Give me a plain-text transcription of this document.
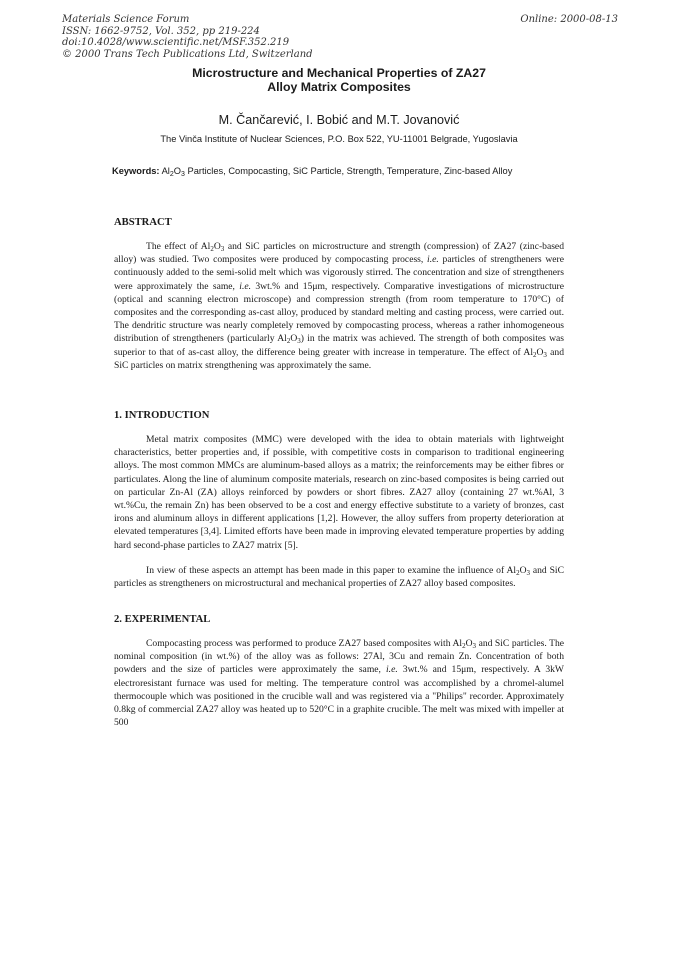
Materials Science Forum
ISSN: 1662-9752, Vol. 352, pp 219-224
doi:10.4028/www.scientific.net/MSF.352.219
© 2000 Trans Tech Publications Ltd, Switzerland
Online: 2000-08-13
Microstructure and Mechanical Properties of ZA27
Alloy Matrix Composites
M. Čančarević, I. Bobić and M.T. Jovanović
The Vinča Institute of Nuclear Sciences, P.O. Box 522, YU-11001 Belgrade, Yugoslavia
Keywords: $Al_2O_3$ Particles, Compocasting, SiC Particle, Strength, Temperature, Zinc-based Alloy
ABSTRACT

The effect of $Al_2O_3$ and SiC particles on microstructure and strength (compression) of ZA27 (zinc-based alloy) was studied. Two composites were produced by compocasting process, i.e. particles of strengtheners were continuously added to the semi-solid melt which was vigorously stirred. The concentration and size of strengtheners were approximately the same, i.e. 3wt.% and 15μm, respectively. Comparative investigations of microstructure (optical and scanning electron microscope) and compression strength (from room temperature to 170°C) of composites and the corresponding as-cast alloy, produced by standard melting and casting process, were carried out. The dendritic structure was nearly completely removed by compocasting process, whereas a rather inhomogeneous distribution of strengtheners (particularly $Al_2O_3$) in the matrix was achieved. The strength of both composites was superior to that of as-cast alloy, the difference being greater with increase in temperature. The effect of $Al_2O_3$ and SiC particles on matrix strengthening was approximately the same.

1. INTRODUCTION

Metal matrix composites (MMC) were developed with the idea to obtain materials with lightweight characteristics, better properties and, if possible, with competitive costs in comparison to traditional engineering alloys. The most common MMCs are aluminum-based alloys as a matrix; the reinforcements may be either fibres or particulates. Along the line of aluminum composite materials, research on zinc-based composites is being carried out on particular Zn-Al (ZA) alloys reinforced by powders or short fibres. ZA27 alloy (containing 27 wt.%Al, 3 wt.%Cu, the remain Zn) has been observed to be a cost and energy effective substitute to a variety of bronzes, cast irons and aluminum alloys in different applications [1,2]. However, the alloy suffers from property deterioration at elevated temperatures [3,4]. Limited efforts have been made in improving elevated temperature properties by adding hard second-phase particles to ZA27 matrix [5].

In view of these aspects an attempt has been made in this paper to examine the influence of $Al_2O_3$ and SiC particles as strengtheners on microstructural and mechanical properties of ZA27 alloy based composites.

2. EXPERIMENTAL

Compocasting process was performed to produce ZA27 based composites with $Al_2O_3$ and SiC particles. The nominal composition (in wt.%) of the alloy was as follows: 27Al, 3Cu and remain Zn. Concentration of both powders and the size of particles were approximately the same, i.e. 3wt.% and 15μm, respectively. A 3kW electroresistant furnace was used for melting. The temperature control was accomplished by a chromel-alumel thermocouple which was positioned in the crucible wall and was registered via a "Philips" recorder. Approximately 0.8kg of commercial ZA27 alloy was heated up to 520°C in a graphite crucible. The melt was mixed with impeller at 500
